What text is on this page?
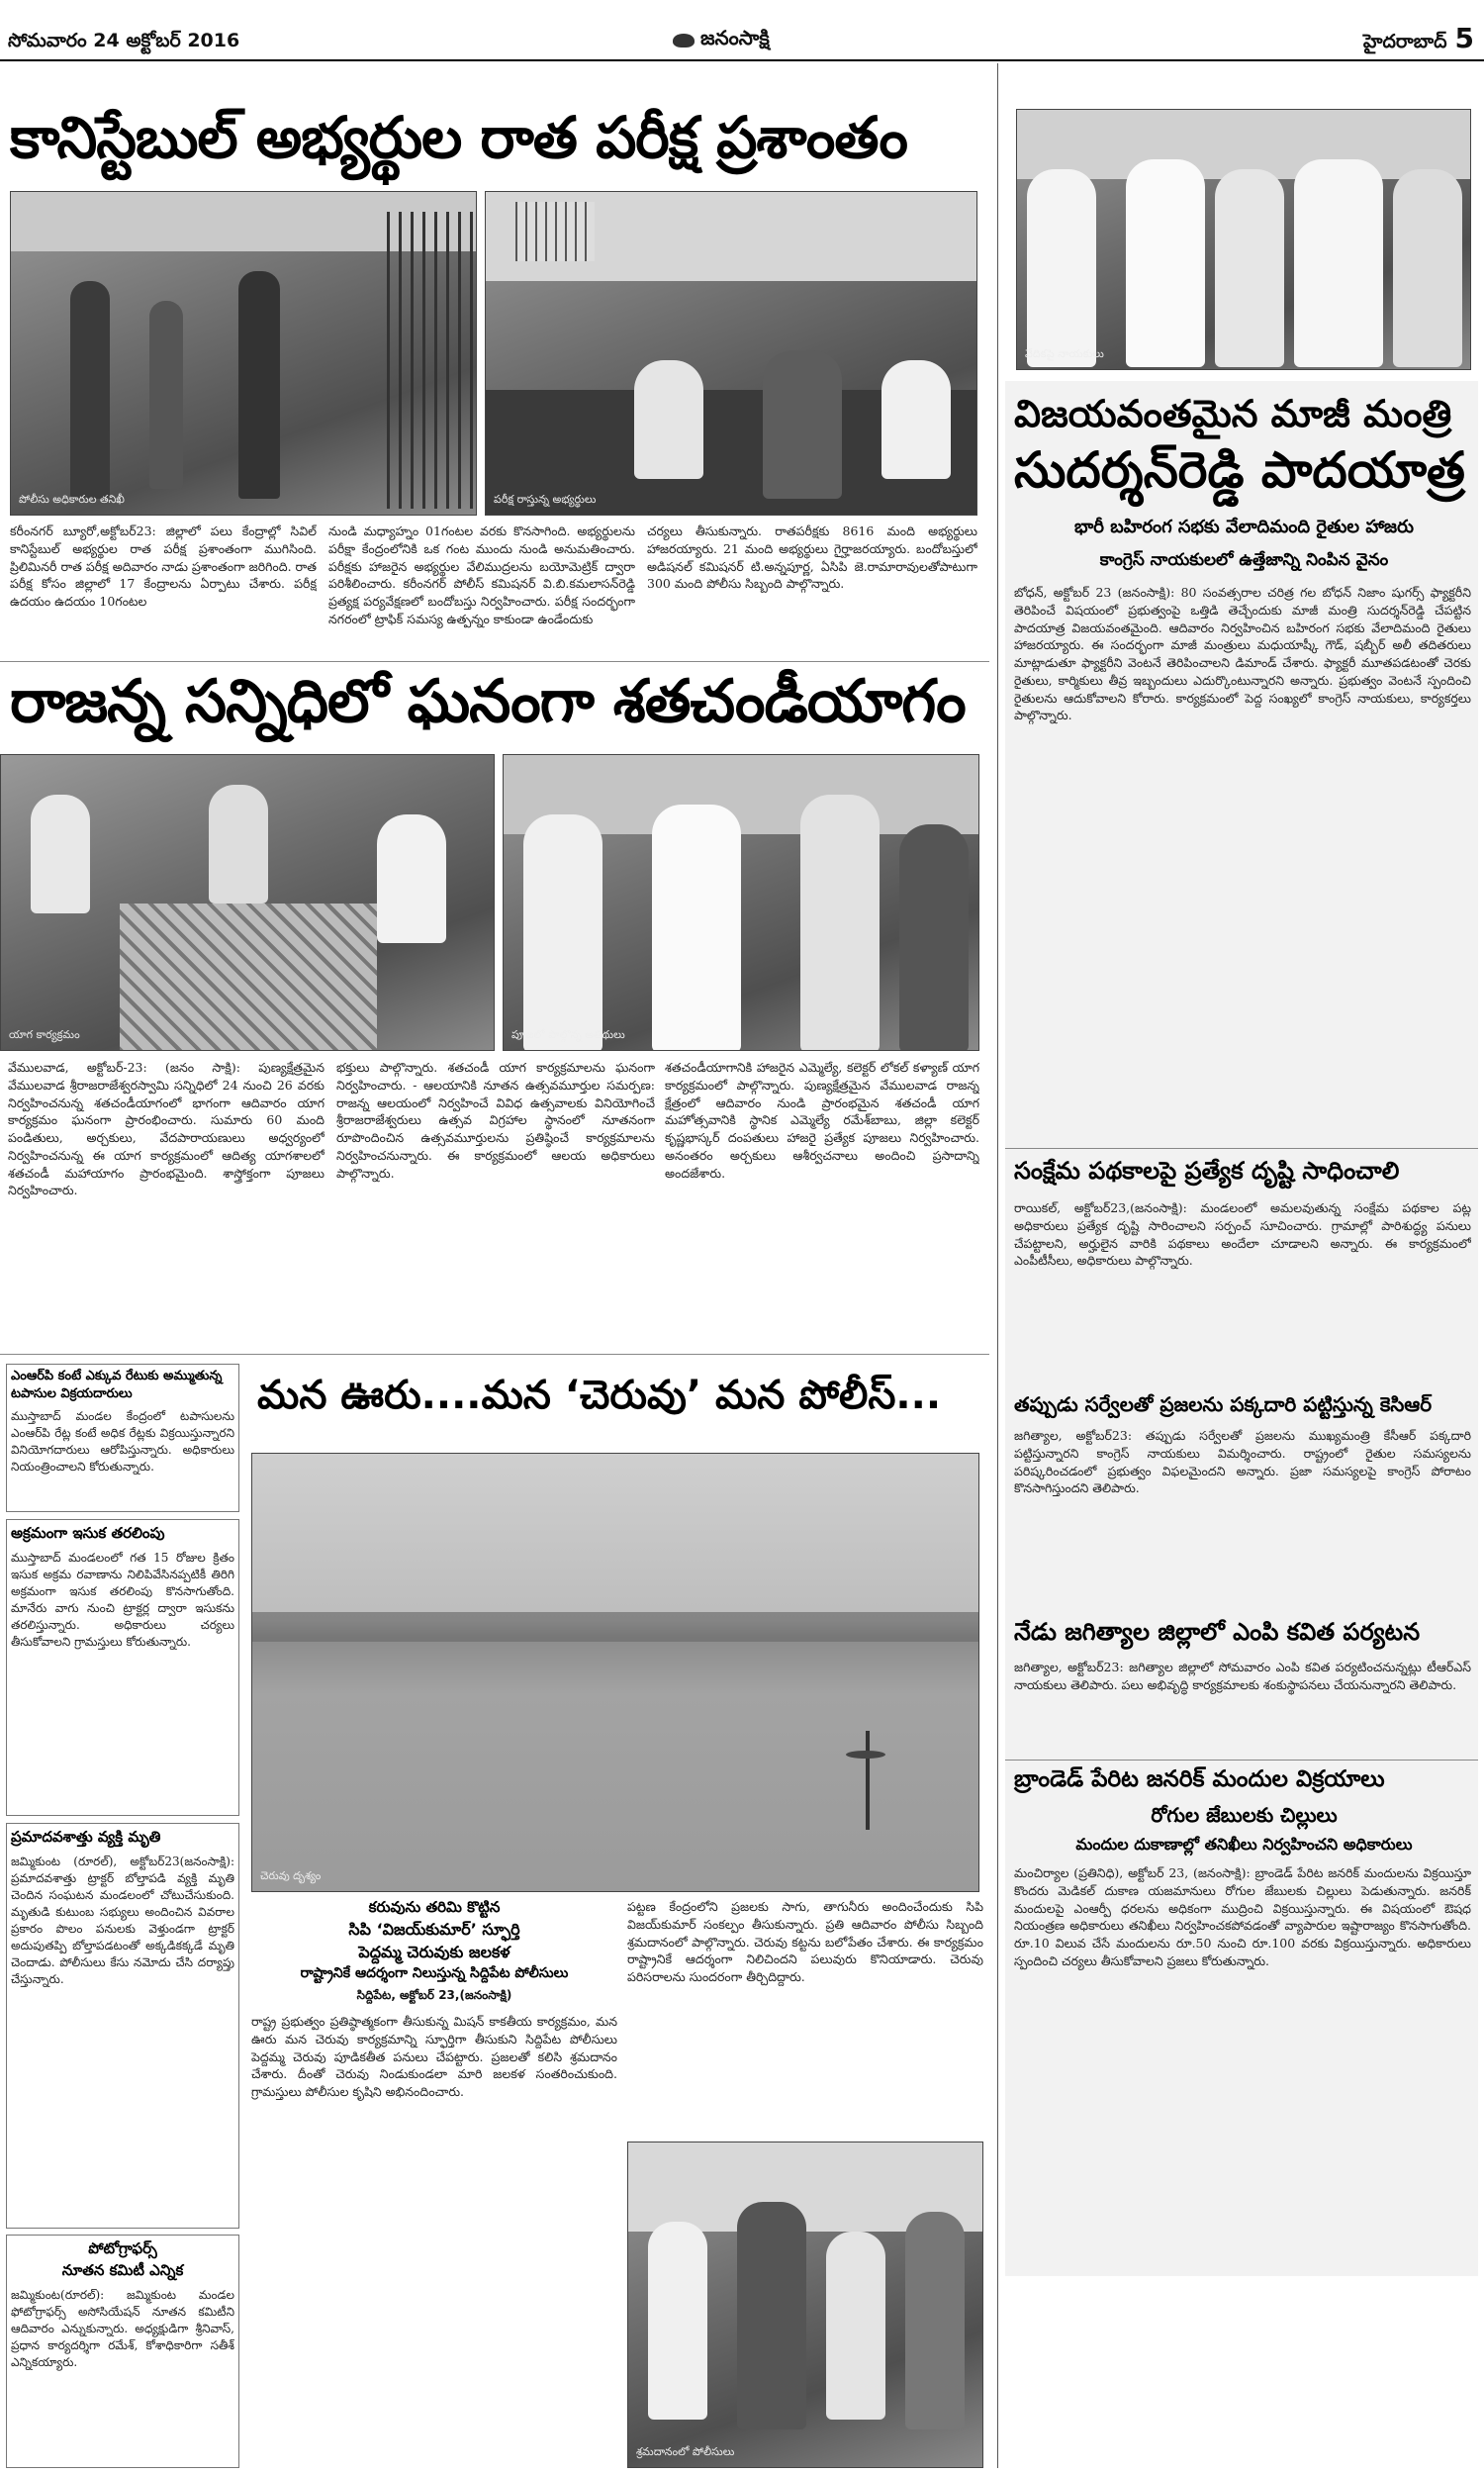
సోమవారం 24 అక్టోబర్ 2016	జనంసాక్షి	హైదరాబాద్ 5
కానిస్టేబుల్ అభ్యర్థుల రాత పరీక్ష ప్రశాంతం
పోలీసు అధికారుల తనిఖీ	పరీక్ష రాస్తున్న అభ్యర్థులు
కరీంనగర్ బ్యూరో,అక్టోబర్23: జిల్లాలో పలు కేంద్రాల్లో సివిల్ కానిస్టేబుల్ అభ్యర్థుల రాత పరీక్ష ప్రశాంతంగా ముగిసింది. ప్రిలిమినరీ రాత పరీక్ష అదివారం నాడు ప్రశాంతంగా జరిగింది. రాత పరీక్ష కోసం జిల్లాలో 17 కేంద్రాలను ఏర్పాటు చేశారు. పరీక్ష ఉదయం ఉదయం 10గంటల
నుండి మధ్యాహ్నం 01గంటల వరకు కొనసాగింది. అభ్యర్థులను పరీక్షా కేంద్రంలోనికి ఒక గంట ముందు నుండి అనుమతించారు. పరీక్షకు హాజరైన అభ్యర్థుల వేలిముద్రలను బయోమెట్రిక్ ద్వారా పరిశీలించారు. కరీంనగర్ పోలీస్ కమిషనర్ వి.బి.కమలాసన్‌రెడ్డి ప్రత్యక్ష పర్యవేక్షణలో బందోబస్తు నిర్వహించారు. పరీక్ష సందర్భంగా నగరంలో ట్రాఫిక్ సమస్య ఉత్పన్నం కాకుండా ఉండేందుకు
చర్యలు తీసుకున్నారు. రాతపరీక్షకు 8616 మంది అభ్యర్థులు హాజరయ్యారు. 21 మంది అభ్యర్థులు గైర్హాజరయ్యారు. బందోబస్తులో అడిషనల్ కమిషనర్ టి.అన్నపూర్ణ, ఏసిపి జె.రామారావులతోపాటుగా 300 మంది పోలీసు సిబ్బంది పాల్గొన్నారు.
రాజన్న సన్నిధిలో ఘనంగా శతచండీయాగం
యాగ కార్యక్రమం	పూజలో పాల్గొన్న అతిథులు
వేములవాడ, అక్టోబర్-23: (జనం సాక్షి): పుణ్యక్షేత్రమైన వేములవాడ శ్రీరాజరాజేశ్వరస్వామి సన్నిధిలో 24 నుంచి 26 వరకు నిర్వహించనున్న శతచండీయాగంలో భాగంగా ఆదివారం యాగ కార్యక్రమం ఘనంగా ప్రారంభించారు. సుమారు 60 మంది పండితులు, అర్చకులు, వేదపారాయణులు అధ్వర్యంలో నిర్వహించనున్న ఈ యాగ కార్యక్రమంలో ఆదిత్య యాగశాలలో శతచండీ మహాయాగం ప్రారంభమైంది. శాస్త్రోక్తంగా పూజలు నిర్వహించారు.
భక్తులు పాల్గొన్నారు. శతచండీ యాగ కార్యక్రమాలను ఘనంగా నిర్వహించారు. - ఆలయానికి నూతన ఉత్సవమూర్తుల సమర్పణ: రాజన్న ఆలయంలో నిర్వహించే వివిధ ఉత్సవాలకు వినియోగించే శ్రీరాజరాజేశ్వరులు ఉత్సవ విగ్రహాల స్థానంలో నూతనంగా రూపొందించిన ఉత్సవమూర్తులను ప్రతిష్ఠించే కార్యక్రమాలను నిర్వహించనున్నారు. ఈ కార్యక్రమంలో ఆలయ అధికారులు పాల్గొన్నారు.
శతచండీయాగానికి హాజరైన ఎమ్మెల్యే, కలెక్టర్ లోకల్ కళ్యాణ్ యాగ కార్యక్రమంలో పాల్గొన్నారు. పుణ్యక్షేత్రమైన వేములవాడ రాజన్న క్షేత్రంలో ఆదివారం నుండి ప్రారంభమైన శతచండీ యాగ మహోత్సవానికి స్థానిక ఎమ్మెల్యే రమేశ్‌బాబు, జిల్లా కలెక్టర్ కృష్ణభాస్కర్ దంపతులు హాజరై ప్రత్యేక పూజలు నిర్వహించారు. అనంతరం అర్చకులు ఆశీర్వచనాలు అందించి ప్రసాదాన్ని అందజేశారు.
వేదికపై నాయకులు
విజయవంతమైన మాజీ మంత్రి
సుదర్శన్‌రెడ్డి పాదయాత్ర
భారీ బహిరంగ సభకు వేలాదిమంది రైతుల హాజరు
కాంగ్రెస్ నాయకులలో ఉత్తేజాన్ని నింపిన వైనం
బోధన్, అక్టోబర్ 23 (జనంసాక్షి): 80 సంవత్సరాల చరిత్ర గల బోధన్ నిజాం షుగర్స్ ఫ్యాక్టరీని తెరిపించే విషయంలో ప్రభుత్వంపై ఒత్తిడి తెచ్చేందుకు మాజీ మంత్రి సుదర్శన్‌రెడ్డి చేపట్టిన పాదయాత్ర విజయవంతమైంది. ఆదివారం నిర్వహించిన బహిరంగ సభకు వేలాదిమంది రైతులు హాజరయ్యారు. ఈ సందర్భంగా మాజీ మంత్రులు మధుయాష్కీ గౌడ్, షబ్బీర్ అలీ తదితరులు మాట్లాడుతూ ఫ్యాక్టరీని వెంటనే తెరిపించాలని డిమాండ్ చేశారు. ఫ్యాక్టరీ మూతపడటంతో చెరకు రైతులు, కార్మికులు తీవ్ర ఇబ్బందులు ఎదుర్కొంటున్నారని అన్నారు. ప్రభుత్వం వెంటనే స్పందించి రైతులను ఆదుకోవాలని కోరారు. కార్యక్రమంలో పెద్ద సంఖ్యలో కాంగ్రెస్ నాయకులు, కార్యకర్తలు పాల్గొన్నారు.
సంక్షేమ పథకాలపై ప్రత్యేక దృష్టి సాధించాలి
రాయికల్, అక్టోబర్23,(జనంసాక్షి): మండలంలో అమలవుతున్న సంక్షేమ పథకాల పట్ల అధికారులు ప్రత్యేక దృష్టి సారించాలని సర్పంచ్ సూచించారు. గ్రామాల్లో పారిశుద్ధ్య పనులు చేపట్టాలని, అర్హులైన వారికి పథకాలు అందేలా చూడాలని అన్నారు. ఈ కార్యక్రమంలో ఎంపీటీసీలు, అధికారులు పాల్గొన్నారు.
తప్పుడు సర్వేలతో ప్రజలను పక్కదారి పట్టిస్తున్న కెసిఆర్
జగిత్యాల, అక్టోబర్23: తప్పుడు సర్వేలతో ప్రజలను ముఖ్యమంత్రి కేసీఆర్ పక్కదారి పట్టిస్తున్నారని కాంగ్రెస్ నాయకులు విమర్శించారు. రాష్ట్రంలో రైతుల సమస్యలను పరిష్కరించడంలో ప్రభుత్వం విఫలమైందని అన్నారు. ప్రజా సమస్యలపై కాంగ్రెస్ పోరాటం కొనసాగిస్తుందని తెలిపారు.
నేడు జగిత్యాల జిల్లాలో ఎంపి కవిత పర్యటన
జగిత్యాల, అక్టోబర్23: జగిత్యాల జిల్లాలో సోమవారం ఎంపి కవిత పర్యటించనున్నట్లు టీఆర్ఎస్ నాయకులు తెలిపారు. పలు అభివృద్ధి కార్యక్రమాలకు శంకుస్థాపనలు చేయనున్నారని తెలిపారు.
బ్రాండెడ్ పేరిట జనరిక్ మందుల విక్రయాలు
రోగుల జేబులకు చిల్లులు
మందుల దుకాణాల్లో తనిఖీలు నిర్వహించని అధికారులు
మంచిర్యాల (ప్రతినిధి), అక్టోబర్ 23, (జనంసాక్షి): బ్రాండెడ్ పేరిట జనరిక్ మందులను విక్రయిస్తూ కొందరు మెడికల్ దుకాణ యజమానులు రోగుల జేబులకు చిల్లులు పెడుతున్నారు. జనరిక్ మందులపై ఎంఆర్పీ ధరలను అధికంగా ముద్రించి విక్రయిస్తున్నారు. ఈ విషయంలో ఔషధ నియంత్రణ అధికారులు తనిఖీలు నిర్వహించకపోవడంతో వ్యాపారుల ఇష్టారాజ్యం కొనసాగుతోంది. రూ.10 విలువ చేసే మందులను రూ.50 నుంచి రూ.100 వరకు విక్రయిస్తున్నారు. అధికారులు స్పందించి చర్యలు తీసుకోవాలని ప్రజలు కోరుతున్నారు.
ఎంఆర్‌పి కంటే ఎక్కువ రేటుకు అమ్ముతున్న టపాసుల విక్రయదారులు
ముస్తాబాద్ మండల కేంద్రంలో టపాసులను ఎంఆర్‌పి రేట్ల కంటే అధిక రేట్లకు విక్రయిస్తున్నారని వినియోగదారులు ఆరోపిస్తున్నారు. అధికారులు నియంత్రించాలని కోరుతున్నారు.
అక్రమంగా ఇసుక తరలింపు
ముస్తాబాద్ మండలంలో గత 15 రోజుల క్రితం ఇసుక అక్రమ రవాణాను నిలిపివేసినప్పటికీ తిరిగి అక్రమంగా ఇసుక తరలింపు కొనసాగుతోంది. మానేరు వాగు నుంచి ట్రాక్టర్ల ద్వారా ఇసుకను తరలిస్తున్నారు. అధికారులు చర్యలు తీసుకోవాలని గ్రామస్తులు కోరుతున్నారు.
ప్రమాదవశాత్తు వ్యక్తి మృతి
జమ్మికుంట (రూరల్), అక్టోబర్23(జనంసాక్షి): ప్రమాదవశాత్తు ట్రాక్టర్ బోల్తాపడి వ్యక్తి మృతి చెందిన సంఘటన మండలంలో చోటుచేసుకుంది. మృతుడి కుటుంబ సభ్యులు అందించిన వివరాల ప్రకారం పొలం పనులకు వెళ్తుండగా ట్రాక్టర్ అదుపుతప్పి బోల్తాపడటంతో అక్కడికక్కడే మృతి చెందాడు. పోలీసులు కేసు నమోదు చేసి దర్యాప్తు చేస్తున్నారు.
పోటోగ్రాఫర్స్
నూతన కమిటీ ఎన్నిక
జమ్మికుంట(రూరల్): జమ్మికుంట మండల ఫోటోగ్రాఫర్స్ అసోసియేషన్ నూతన కమిటీని ఆదివారం ఎన్నుకున్నారు. అధ్యక్షుడిగా శ్రీనివాస్, ప్రధాన కార్యదర్శిగా రమేశ్, కోశాధికారిగా సతీశ్ ఎన్నికయ్యారు.
మన ఊరు....మన ‘చెరువు’ మన పోలీస్...
చెరువు దృశ్యం
కరువును తరిమి కొట్టిన
సిపి ‘విజయ్‌కుమార్’ స్ఫూర్తి
పెద్దమ్మ చెరువుకు జలకళ
రాష్ట్రానికే ఆదర్శంగా నిలుస్తున్న సిద్దిపేట పోలీసులు
సిద్దిపేట, అక్టోబర్ 23,(జనంసాక్షి)
రాష్ట్ర ప్రభుత్వం ప్రతిష్ఠాత్మకంగా తీసుకున్న మిషన్ కాకతీయ కార్యక్రమం, మన ఊరు మన చెరువు కార్యక్రమాన్ని స్ఫూర్తిగా తీసుకుని సిద్దిపేట పోలీసులు పెద్దమ్మ చెరువు పూడికతీత పనులు చేపట్టారు. ప్రజలతో కలిసి శ్రమదానం చేశారు. దీంతో చెరువు నిండుకుండలా మారి జలకళ సంతరించుకుంది. గ్రామస్తులు పోలీసుల కృషిని అభినందించారు.
పట్టణ కేంద్రంలోని ప్రజలకు సాగు, తాగునీరు అందించేందుకు సిపి విజయ్‌కుమార్ సంకల్పం తీసుకున్నారు. ప్రతి ఆదివారం పోలీసు సిబ్బంది శ్రమదానంలో పాల్గొన్నారు. చెరువు కట్టను బలోపేతం చేశారు. ఈ కార్యక్రమం రాష్ట్రానికే ఆదర్శంగా నిలిచిందని పలువురు కొనియాడారు. చెరువు పరిసరాలను సుందరంగా తీర్చిదిద్దారు.
శ్రమదానంలో పోలీసులు
